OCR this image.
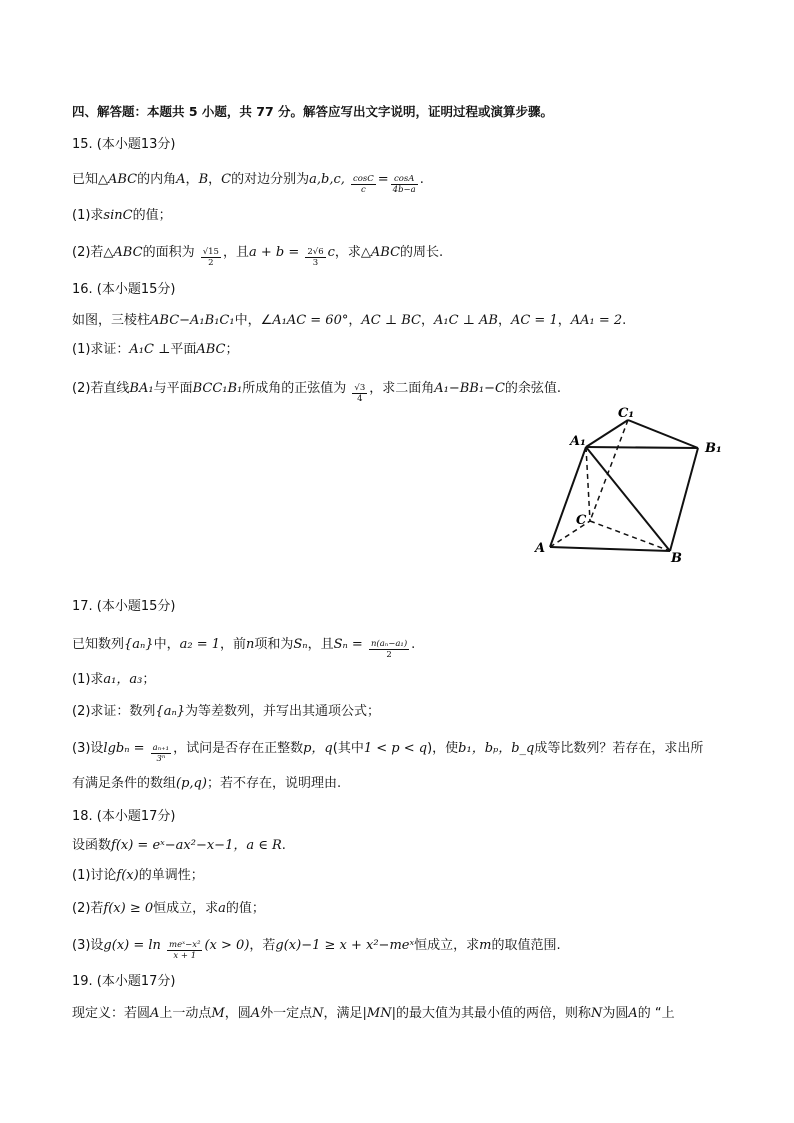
四、解答题：本题共 5 小题，共 77 分。解答应写出文字说明，证明过程或演算步骤。
15. (本小题13分)
已知△ABC的内角A，B，C的对边分别为a,b,c, $\frac{\cos C}{c} = \frac{\cos A}{4b-a}$ .
(1)求sinC的值；
(2)若△ABC的面积为 $\frac{√15}{2}$ ，且$a + b = \frac{2√6}{3}$ c，求△ABC的周长.
16. (本小题15分)
如图，三棱柱ABC−A₁B₁C₁中，∠A₁AC = 60°，AC ⊥ BC，A₁C ⊥ AB，AC = 1，AA₁ = 2.
(1)求证：A₁C ⊥平面ABC；
(2)若直线BA₁与平面BCC₁B₁所成角的正弦值为 $\frac{√3}{4}$ ，求二面角A₁−BB₁−C的余弦值.
C₁
A₁	B₁
C
A
B
17. (本小题15分)
已知数列{aₙ}中，a₂ = 1，前n项和为Sₙ，且$S_n = \frac{\text{n(aₙ−a₁)}}{2}$ .
(1)求a₁，a₃；
(2)求证：数列{aₙ}为等差数列，并写出其通项公式；
(3)设$\lg b_n = \frac{\text{aₙ₊₁}}{\text{3ⁿ}}$ ，试问是否存在正整数p，q(其中1 < p < q)，使b₁，bₚ，b_q成等比数列？若存在，求出所
有满足条件的数组(p,q)；若不存在，说明理由.
18. (本小题17分)
设函数f(x) = eˣ−ax²−x−1，a ∈ R.
(1)讨论f(x)的单调性；
(2)若f(x) ≥ 0恒成立，求a的值；
(3)设$g(x) = \ln \frac{\text{meˣ−x²}}{x + 1} (x > 0)$，若g(x)−1 ≥ x + x²−meˣ恒成立，求m的取值范围.
19. (本小题17分)
现定义：若圆A上一动点M，圆A外一定点N，满足|MN|的最大值为其最小值的两倍，则称N为圆A的 “上
